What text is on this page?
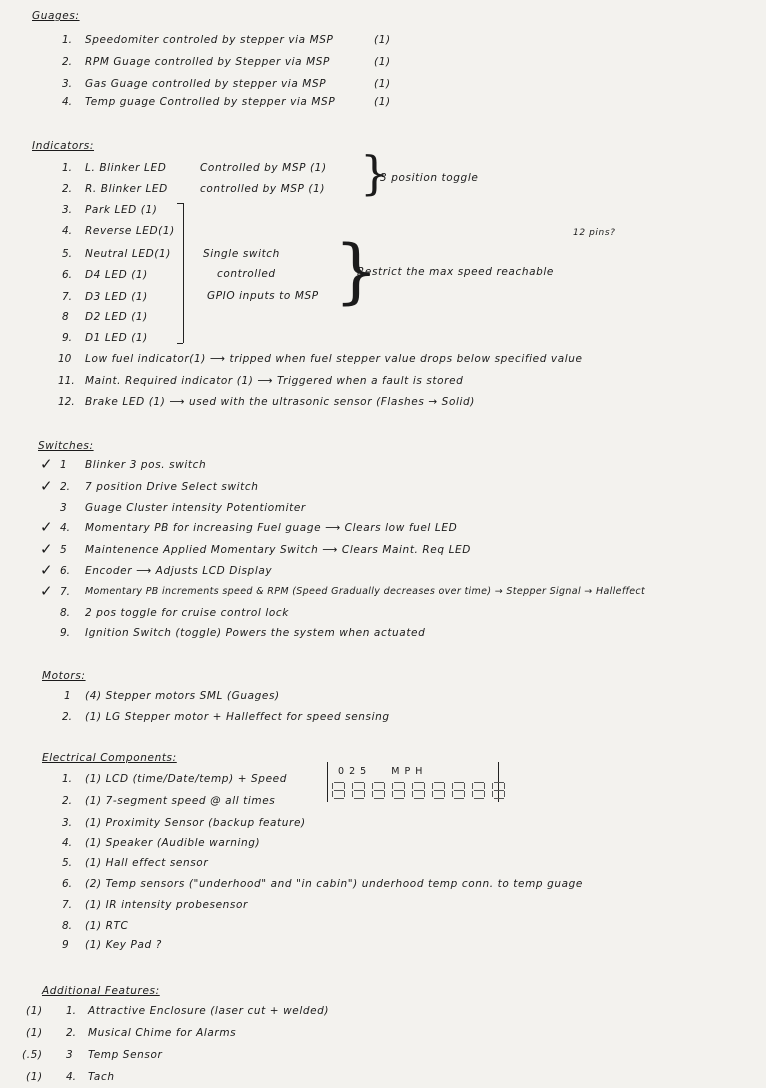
Guages:
1. Speedomiter controled by stepper via MSP	(1)
2. RPM Guage controlled by Stepper via MSP	(1)
3. Gas Guage controlled by stepper via MSP	(1)
4. Temp guage Controlled by stepper via MSP	(1)
Indicators:
1. L. Blinker LED	Controlled by MSP (1)
2. R. Blinker LED	controlled by MSP (1) }
3 position toggle
12 pins?
3. Park LED (1)
4. Reverse LED(1)
5. Neutral LED(1)
6. D4 LED (1)
7. D3 LED (1)
8 D2 LED (1)
9. D1 LED (1)
Single switch
controlled
GPIO inputs to MSP }
Restrict the max speed reachable
10 Low fuel indicator(1) ⟶ tripped when fuel stepper value drops below specified value
11. Maint. Required indicator (1) ⟶ Triggered when a fault is stored
12. Brake LED (1) ⟶ used with the ultrasonic sensor (Flashes → Solid)
Switches:
✓ 1 Blinker 3 pos. switch
✓ 2. 7 position Drive Select switch
3 Guage Cluster intensity Potentiomiter
✓ 4. Momentary PB for increasing Fuel guage ⟶ Clears low fuel LED
✓ 5 Maintenence Applied Momentary Switch ⟶ Clears Maint. Req LED
✓ 6. Encoder ⟶ Adjusts LCD Display
✓ 7. Momentary PB increments speed & RPM (Speed Gradually decreases over time) → Stepper Signal → Halleffect
8. 2 pos toggle for cruise control lock
9. Ignition Switch (toggle) Powers the system when actuated
Motors:
1 (4) Stepper motors SML (Guages)
2. (1) LG Stepper motor + Halleffect for speed sensing
Electrical Components:
1. (1) LCD (time/Date/temp) + Speed
2. (1) 7-segment speed @ all times
3. (1) Proximity Sensor (backup feature)
4. (1) Speaker (Audible warning)
5. (1) Hall effect sensor
6. (2) Temp sensors ("underhood" and "in cabin") underhood temp conn. to temp guage
7. (1) IR intensity probesensor
8. (1) RTC
9 (1) Key Pad ?
0 2 5      M P H
Additional Features:
(1) 1. Attractive Enclosure (laser cut + welded)
(1) 2. Musical Chime for Alarms
(.5) 3 Temp Sensor
(1) 4. Tach
